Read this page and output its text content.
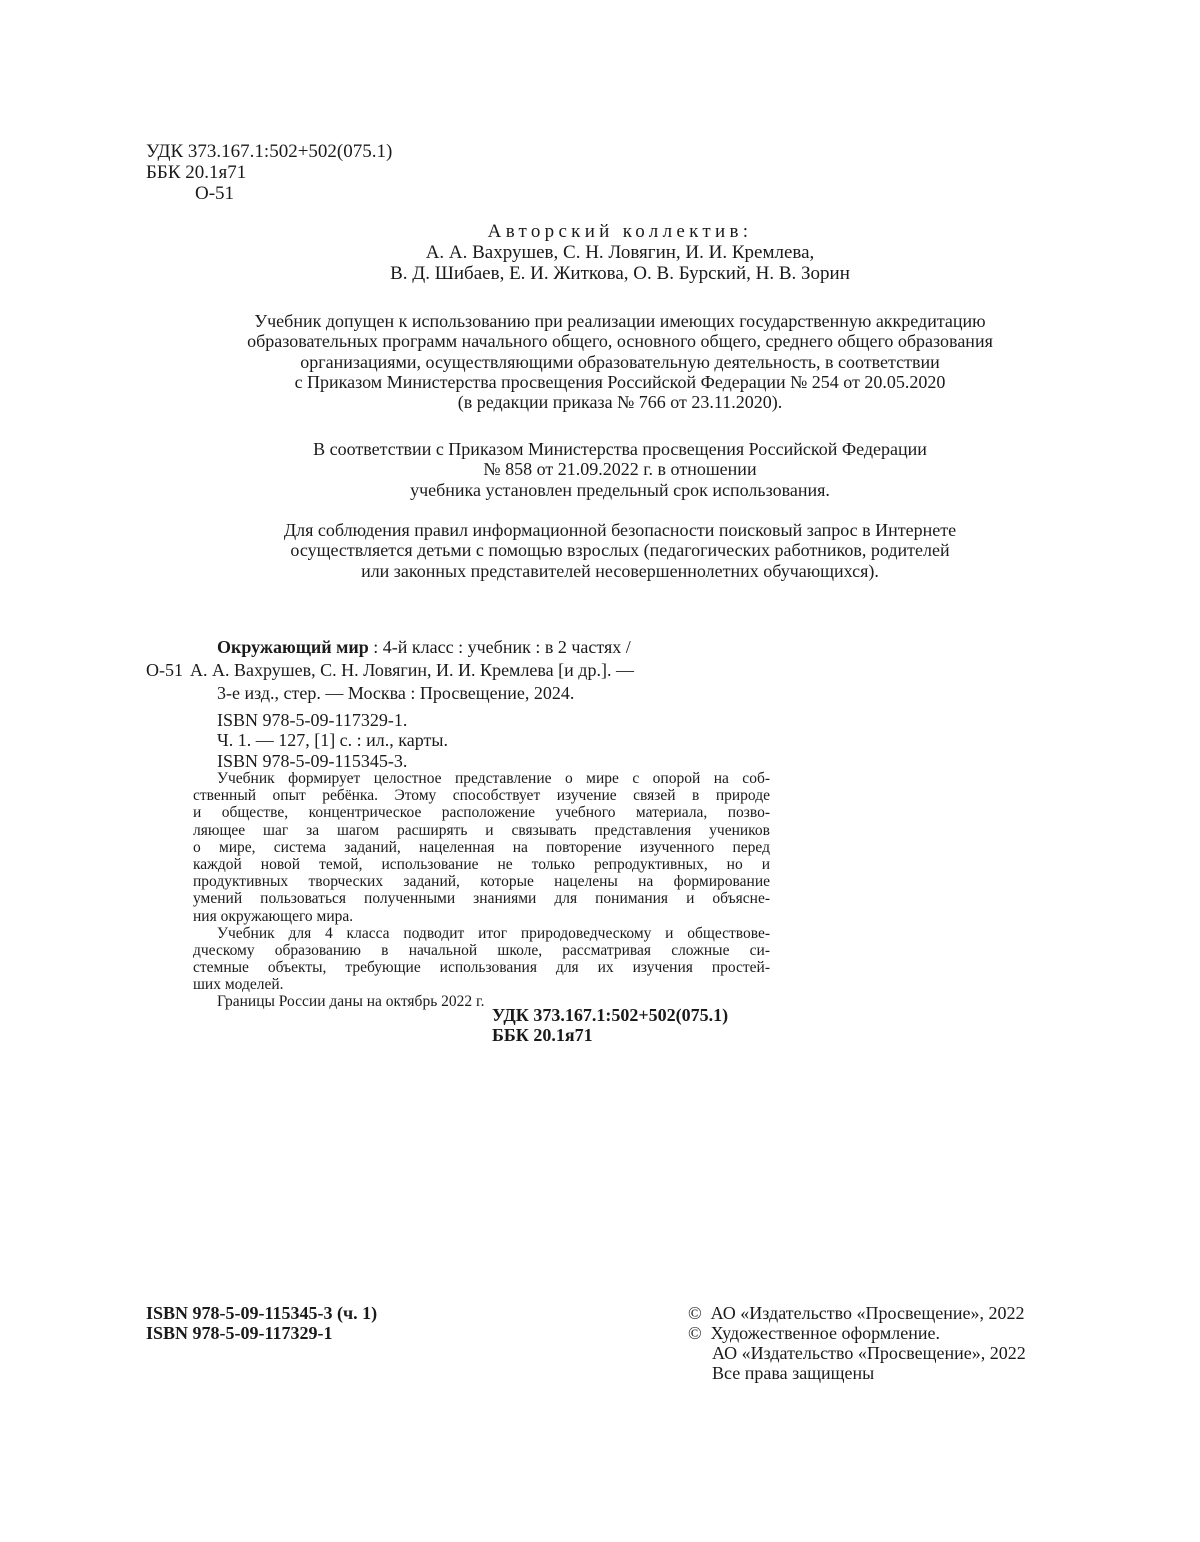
УДК 373.167.1:502+502(075.1)
ББК 20.1я71
О-51
Авторский коллектив:
А. А. Вахрушев, С. Н. Ловягин, И. И. Кремлева,
В. Д. Шибаев, Е. И. Житкова, О. В. Бурский, Н. В. Зорин
Учебник допущен к использованию при реализации имеющих государственную аккредитацию
образовательных программ начального общего, основного общего, среднего общего образования
организациями, осуществляющими образовательную деятельность, в соответствии
с Приказом Министерства просвещения Российской Федерации № 254 от 20.05.2020
(в редакции приказа № 766 от 23.11.2020).
В соответствии с Приказом Министерства просвещения Российской Федерации
№ 858 от 21.09.2022 г. в отношении
учебника установлен предельный срок использования.
Для соблюдения правил информационной безопасности поисковый запрос в Интернете
осуществляется детьми с помощью взрослых (педагогических работников, родителей
или законных представителей несовершеннолетних обучающихся).
Окружающий мир : 4-й класс : учебник : в 2 частях /
О-51 А. А. Вахрушев, С. Н. Ловягин, И. И. Кремлева [и др.]. —
3-е изд., стер. — Москва : Просвещение, 2024.
ISBN 978-5-09-117329-1.
Ч. 1. — 127, [1] с. : ил., карты.
ISBN 978-5-09-115345-3.
Учебник формирует целостное представление о мире с опорой на соб-
ственный опыт ребёнка. Этому способствует изучение связей в природе
и обществе, концентрическое расположение учебного материала, позво-
ляющее шаг за шагом расширять и связывать представления учеников
о мире, система заданий, нацеленная на повторение изученного перед
каждой новой темой, использование не только репродуктивных, но и
продуктивных творческих заданий, которые нацелены на формирование
умений пользоваться полученными знаниями для понимания и объясне-
ния окружающего мира.
Учебник для 4 класса подводит итог природоведческому и обществове-
дческому образованию в начальной школе, рассматривая сложные си-
стемные объекты, требующие использования для их изучения простей-
ших моделей.
Границы России даны на октябрь 2022 г.
УДК 373.167.1:502+502(075.1)
ББК 20.1я71
ISBN 978-5-09-115345-3 (ч. 1)
ISBN 978-5-09-117329-1
©  АО «Издательство «Просвещение», 2022
©  Художественное оформление.
АО «Издательство «Просвещение», 2022
Все права защищены
